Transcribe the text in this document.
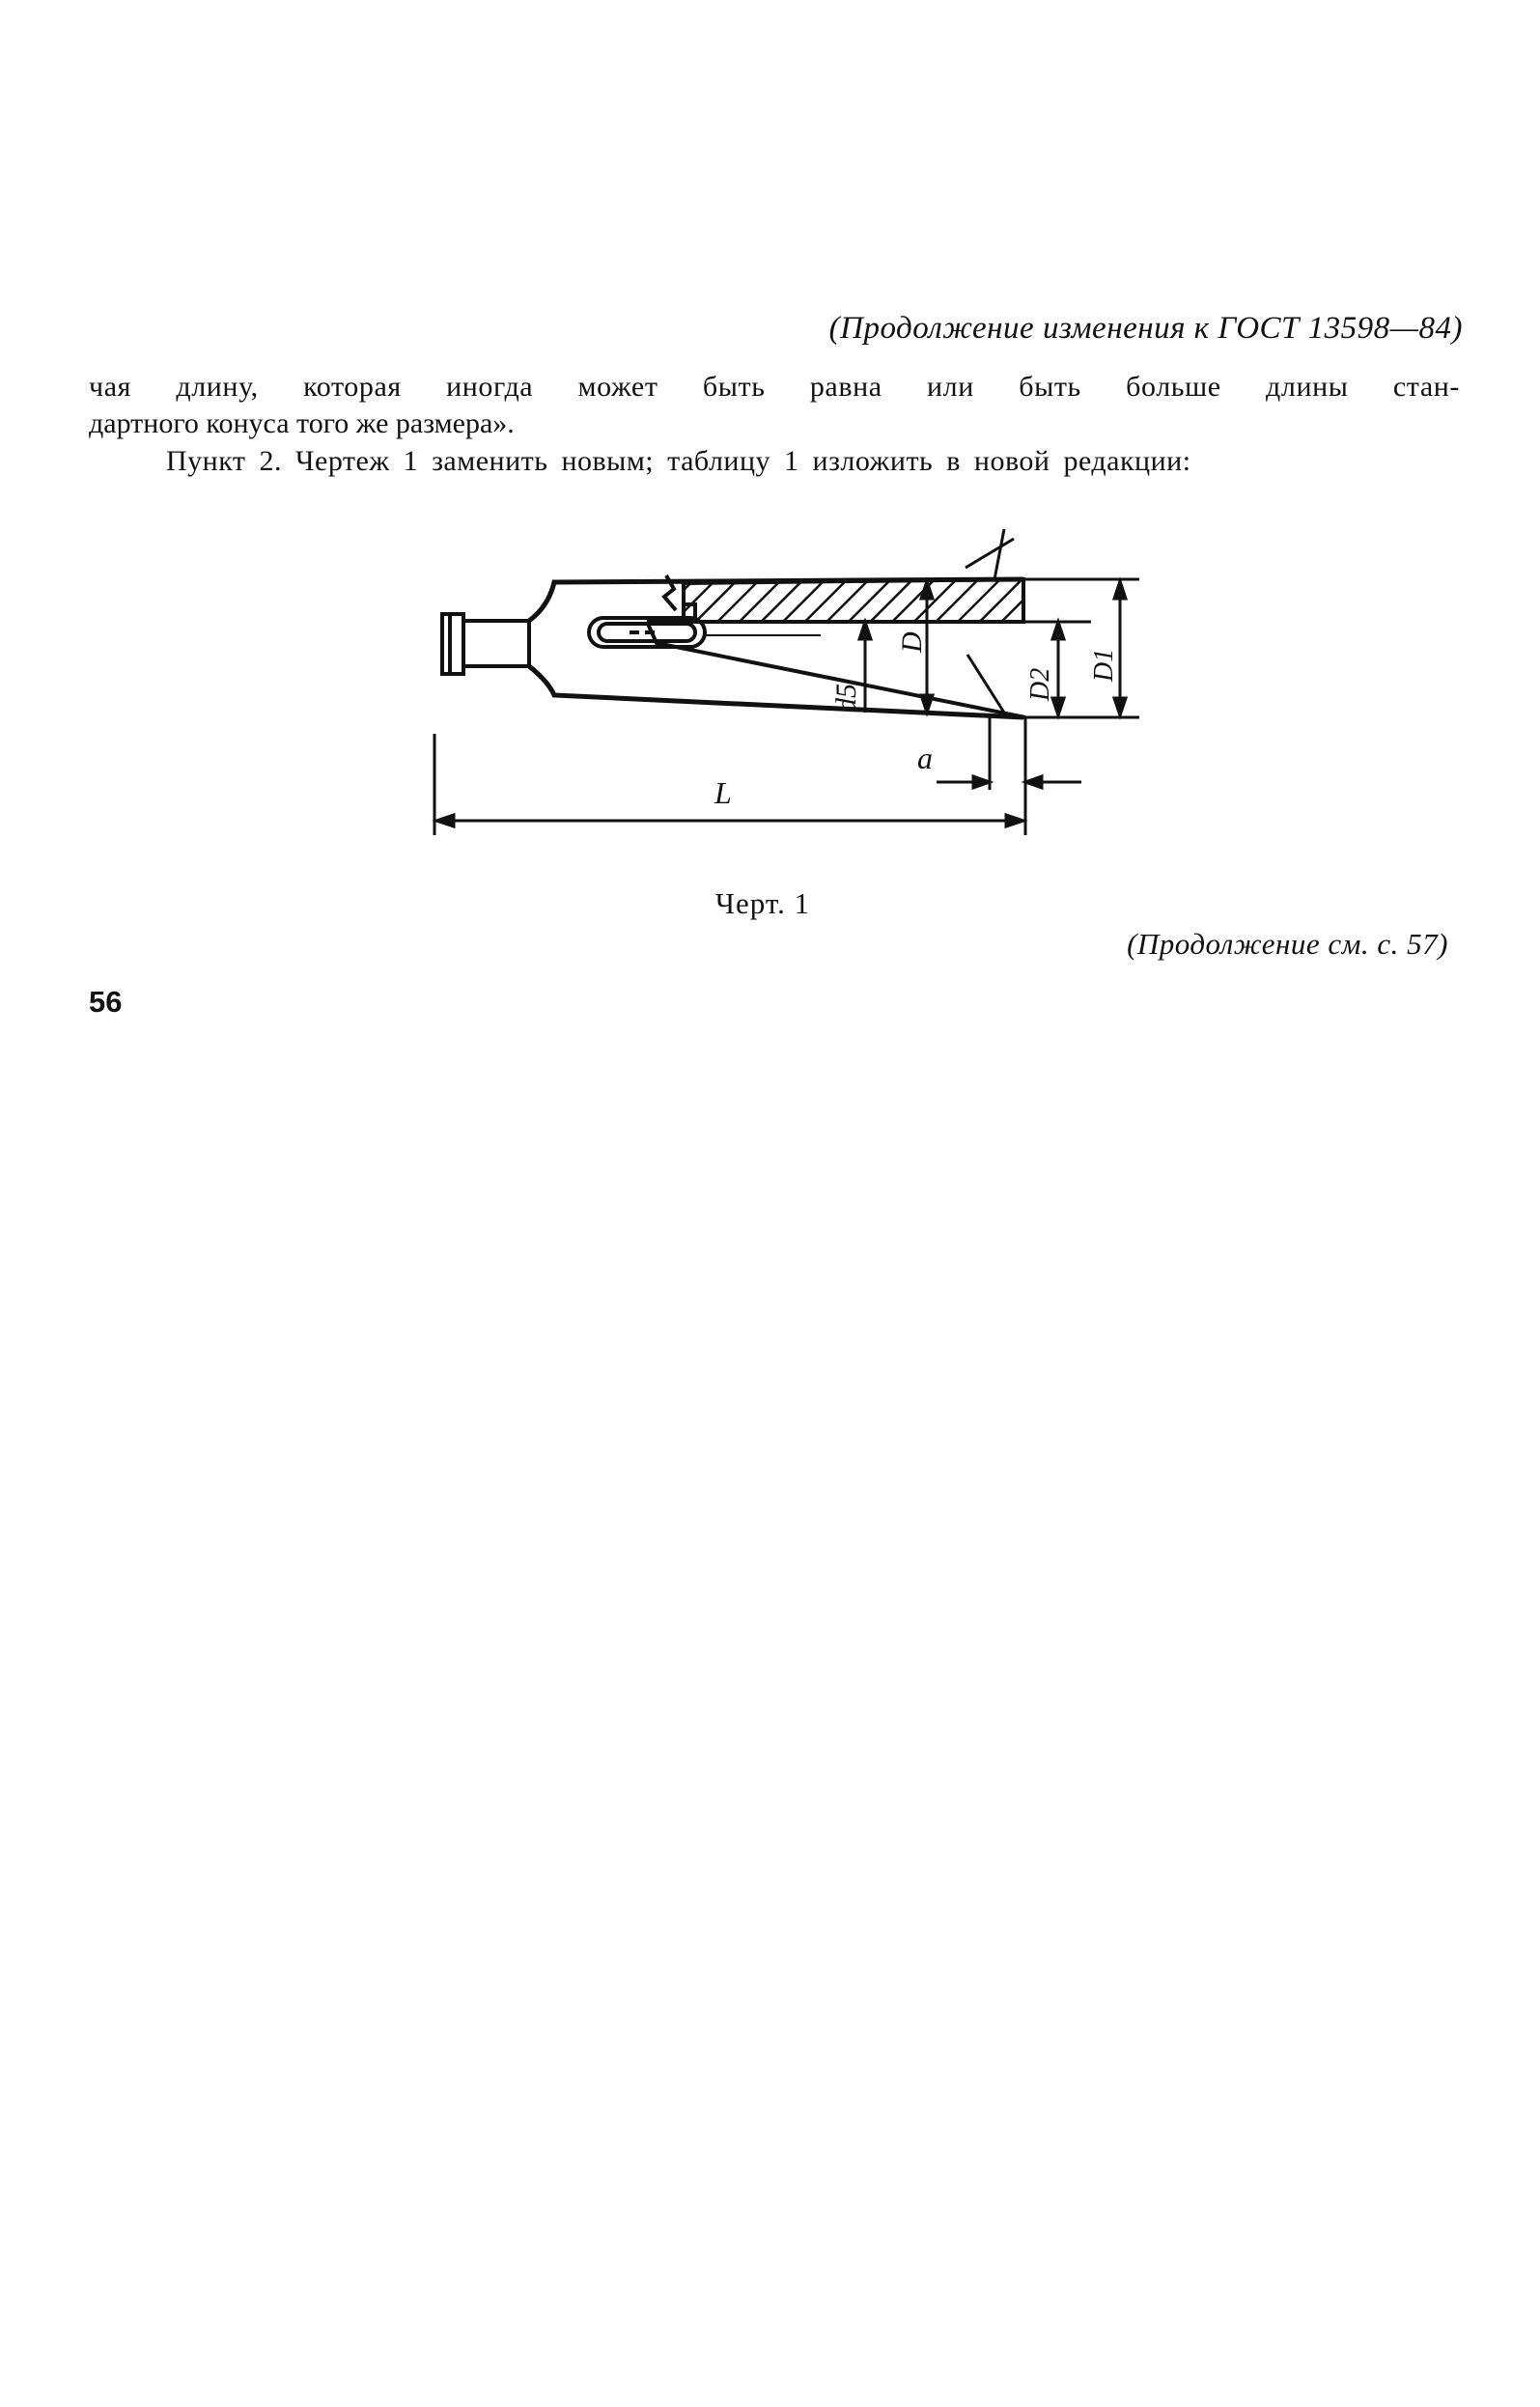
(Продолжение изменения к ГОСТ 13598—84)
чая длину, которая иногда может быть равна или быть больше длины стан-
дартного конуса того же размера».
Пункт 2. Чертеж 1 заменить новым; таблицу 1 изложить в новой редакции:
d5
D
D2
D1
a
L
Черт. 1
(Продолжение см. с. 57)
56
